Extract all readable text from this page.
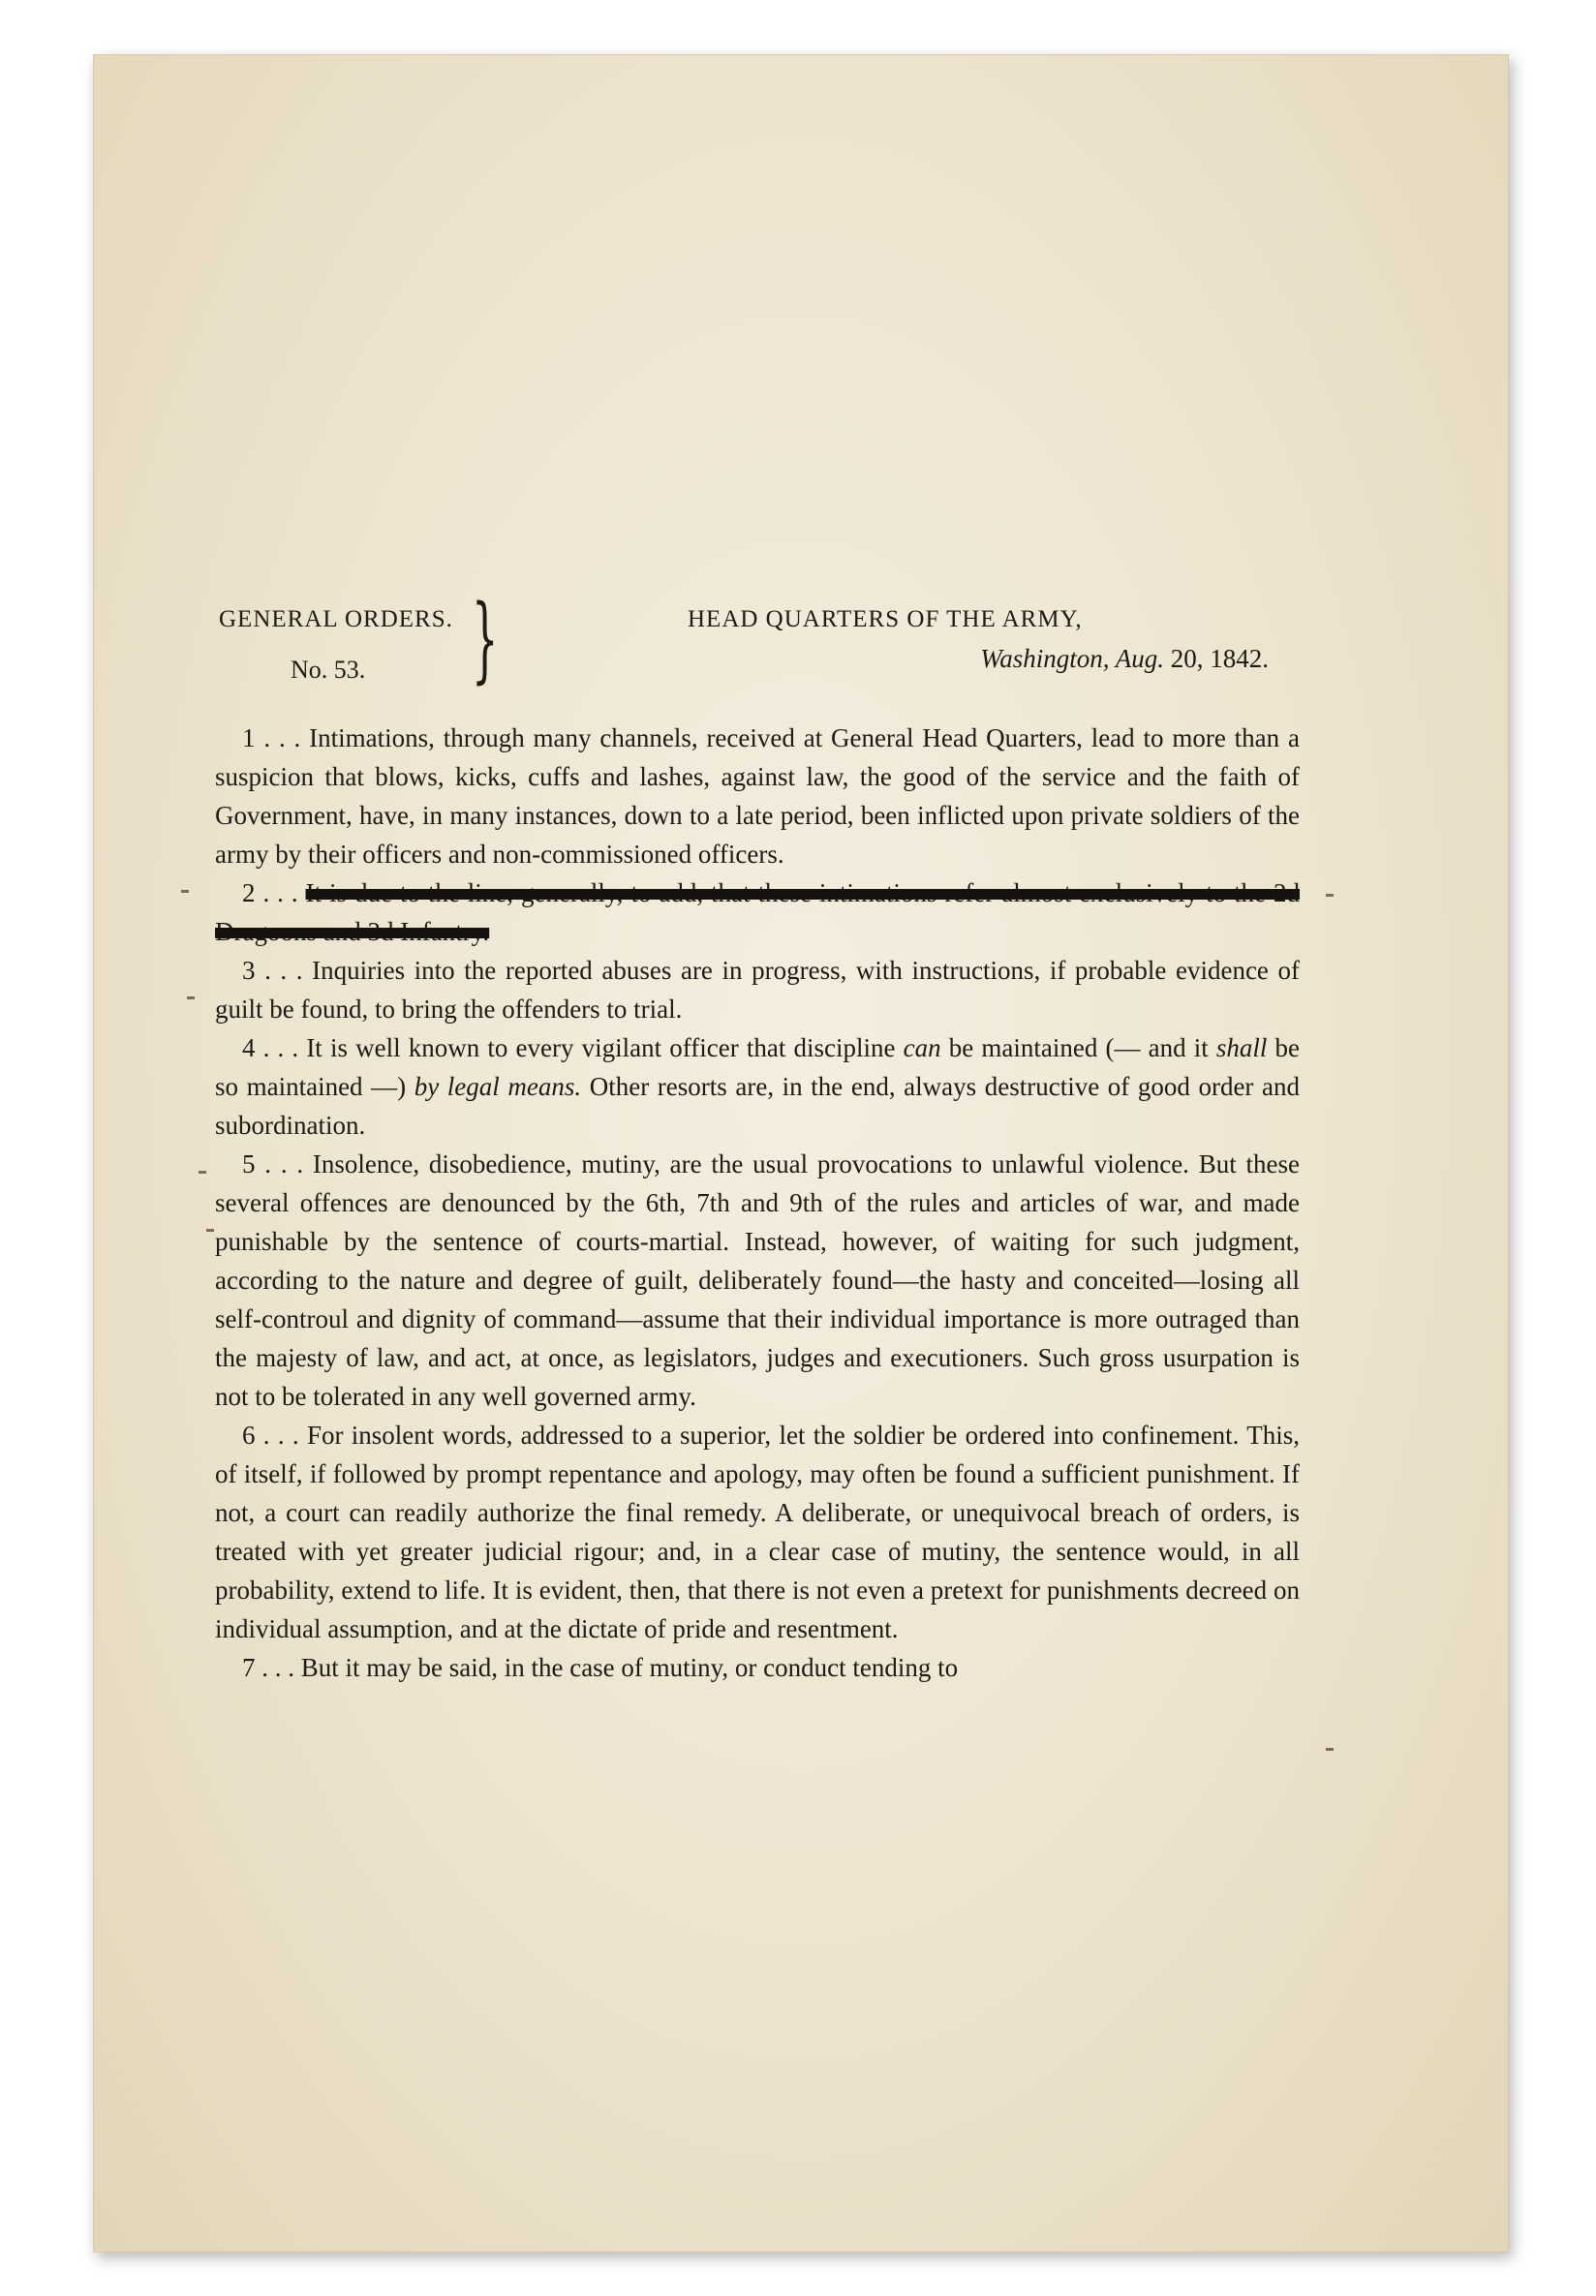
GENERAL ORDERS.
No. 53. }	HEAD QUARTERS OF THE ARMY,
Washington, Aug. 20, 1842.

1 . . . Intimations, through many channels, received at General Head Quarters, lead to more than a suspicion that blows, kicks, cuffs and lashes, against law, the good of the service and the faith of Government, have, in many instances, down to a late period, been inflicted upon private soldiers of the army by their officers and non-commissioned officers.

2 . . . It is due to the line, generally, to add, that these intimations refer almost exclusively to the 2d Dragoons and 3d Infantry.

3 . . . Inquiries into the reported abuses are in progress, with instructions, if probable evidence of guilt be found, to bring the offenders to trial.

4 . . . It is well known to every vigilant officer that discipline can be maintained (— and it shall be so maintained —) by legal means. Other resorts are, in the end, always destructive of good order and subordination.

5 . . . Insolence, disobedience, mutiny, are the usual provocations to unlawful violence. But these several offences are denounced by the 6th, 7th and 9th of the rules and articles of war, and made punishable by the sentence of courts-martial. Instead, however, of waiting for such judgment, according to the nature and degree of guilt, deliberately found—the hasty and conceited—losing all self-controul and dignity of command—assume that their individual importance is more outraged than the majesty of law, and act, at once, as legislators, judges and executioners. Such gross usurpation is not to be tolerated in any well governed army.

6 . . . For insolent words, addressed to a superior, let the soldier be ordered into confinement. This, of itself, if followed by prompt repentance and apology, may often be found a sufficient punishment. If not, a court can readily authorize the final remedy. A deliberate, or unequivocal breach of orders, is treated with yet greater judicial rigour; and, in a clear case of mutiny, the sentence would, in all probability, extend to life. It is evident, then, that there is not even a pretext for punishments decreed on individual assumption, and at the dictate of pride and resentment.

7 . . . But it may be said, in the case of mutiny, or conduct tending to
